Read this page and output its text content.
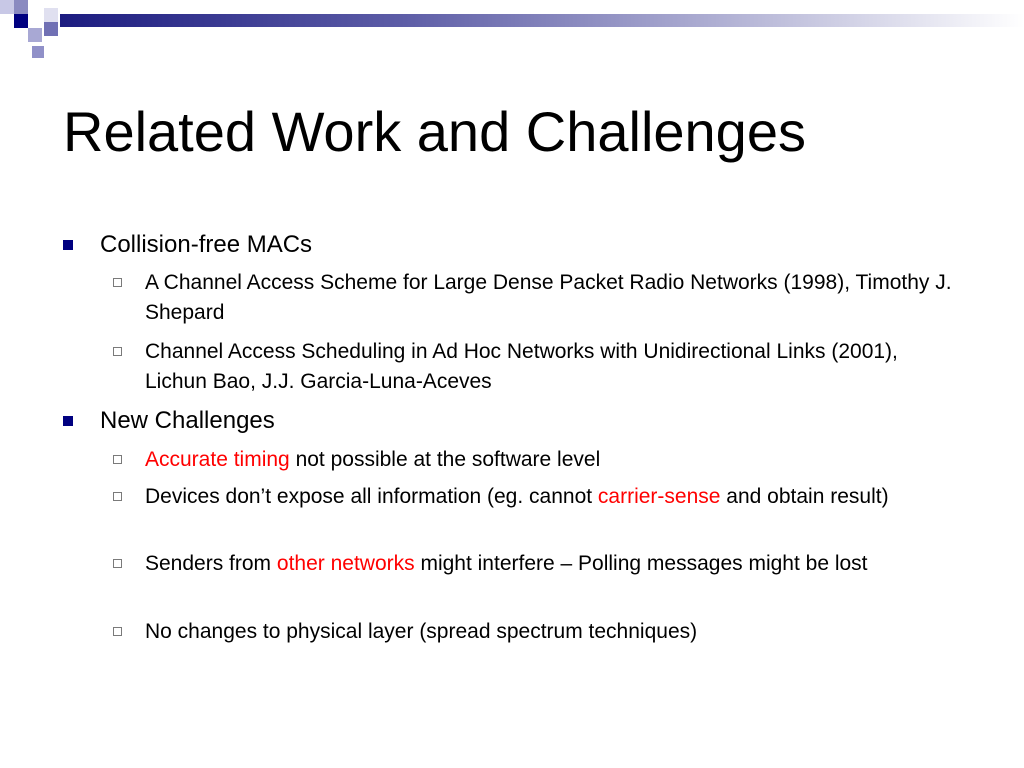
Related Work and Challenges
Collision-free MACs
A Channel Access Scheme for Large Dense Packet Radio Networks (1998), Timothy J. Shepard
Channel Access Scheduling in Ad Hoc Networks with Unidirectional Links (2001), Lichun Bao, J.J. Garcia-Luna-Aceves
New Challenges
Accurate timing not possible at the software level
Devices don’t expose all information (eg. cannot carrier-sense and obtain result)
Senders from other networks might interfere – Polling messages might be lost
No changes to physical layer (spread spectrum techniques)
